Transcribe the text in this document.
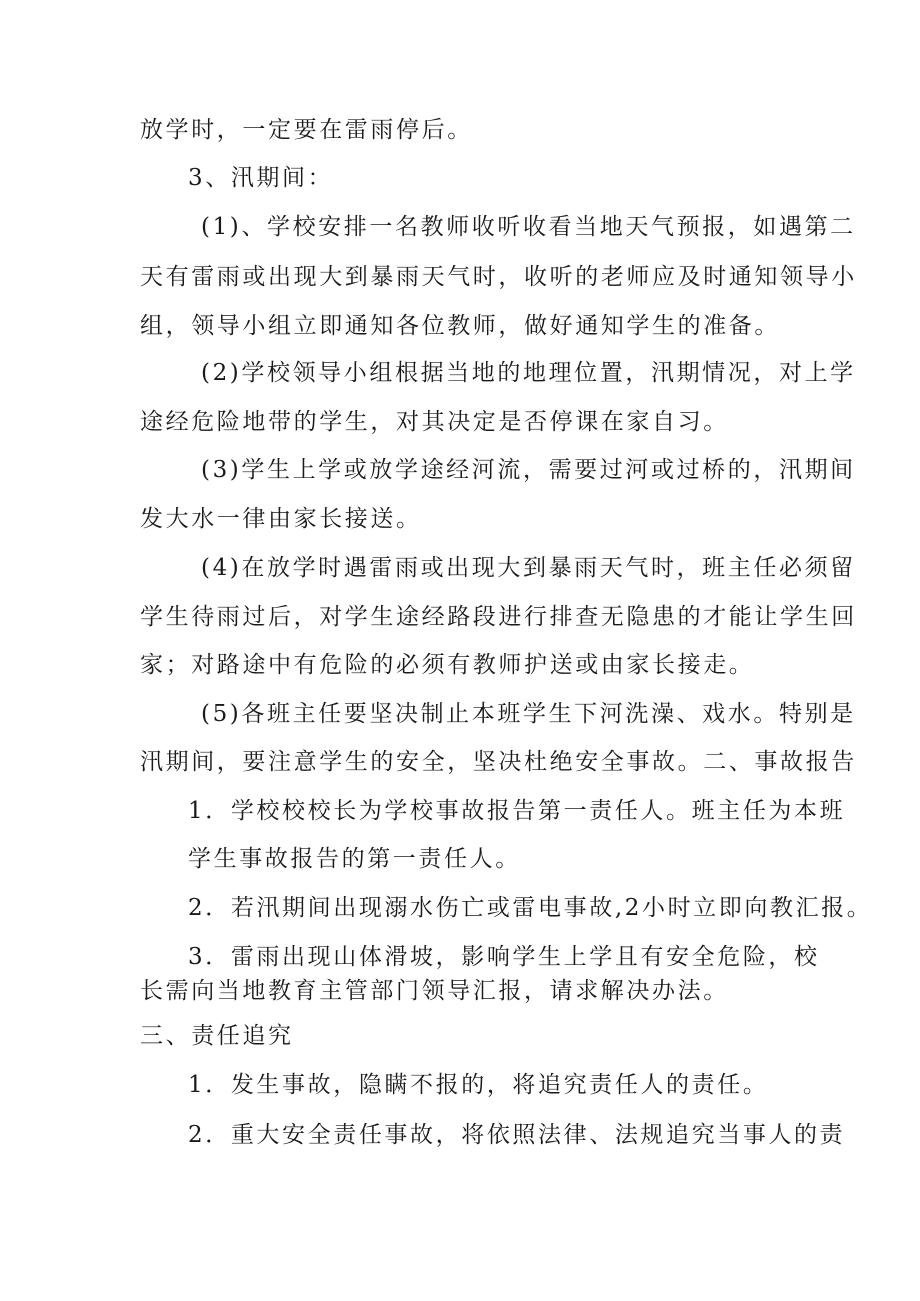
放学时，一定要在雷雨停后。
3、汛期间：
(1)、学校安排一名教师收听收看当地天气预报，如遇第二
天有雷雨或出现大到暴雨天气时，收听的老师应及时通知领导小
组，领导小组立即通知各位教师，做好通知学生的准备。
(2)学校领导小组根据当地的地理位置，汛期情况，对上学
途经危险地带的学生，对其决定是否停课在家自习。
(3)学生上学或放学途经河流，需要过河或过桥的，汛期间
发大水一律由家长接送。
(4)在放学时遇雷雨或出现大到暴雨天气时，班主任必须留
学生待雨过后，对学生途经路段进行排查无隐患的才能让学生回
家；对路途中有危险的必须有教师护送或由家长接走。
(5)各班主任要坚决制止本班学生下河洗澡、戏水。特别是
汛期间，要注意学生的安全，坚决杜绝安全事故。二、事故报告
1．学校校校长为学校事故报告第一责任人。班主任为本班
学生事故报告的第一责任人。
2．若汛期间出现溺水伤亡或雷电事故,2小时立即向教汇报。
3．雷雨出现山体滑坡，影响学生上学且有安全危险，校
长需向当地教育主管部门领导汇报，请求解决办法。
三、责任追究
1．发生事故，隐瞒不报的，将追究责任人的责任。
2．重大安全责任事故，将依照法律、法规追究当事人的责
